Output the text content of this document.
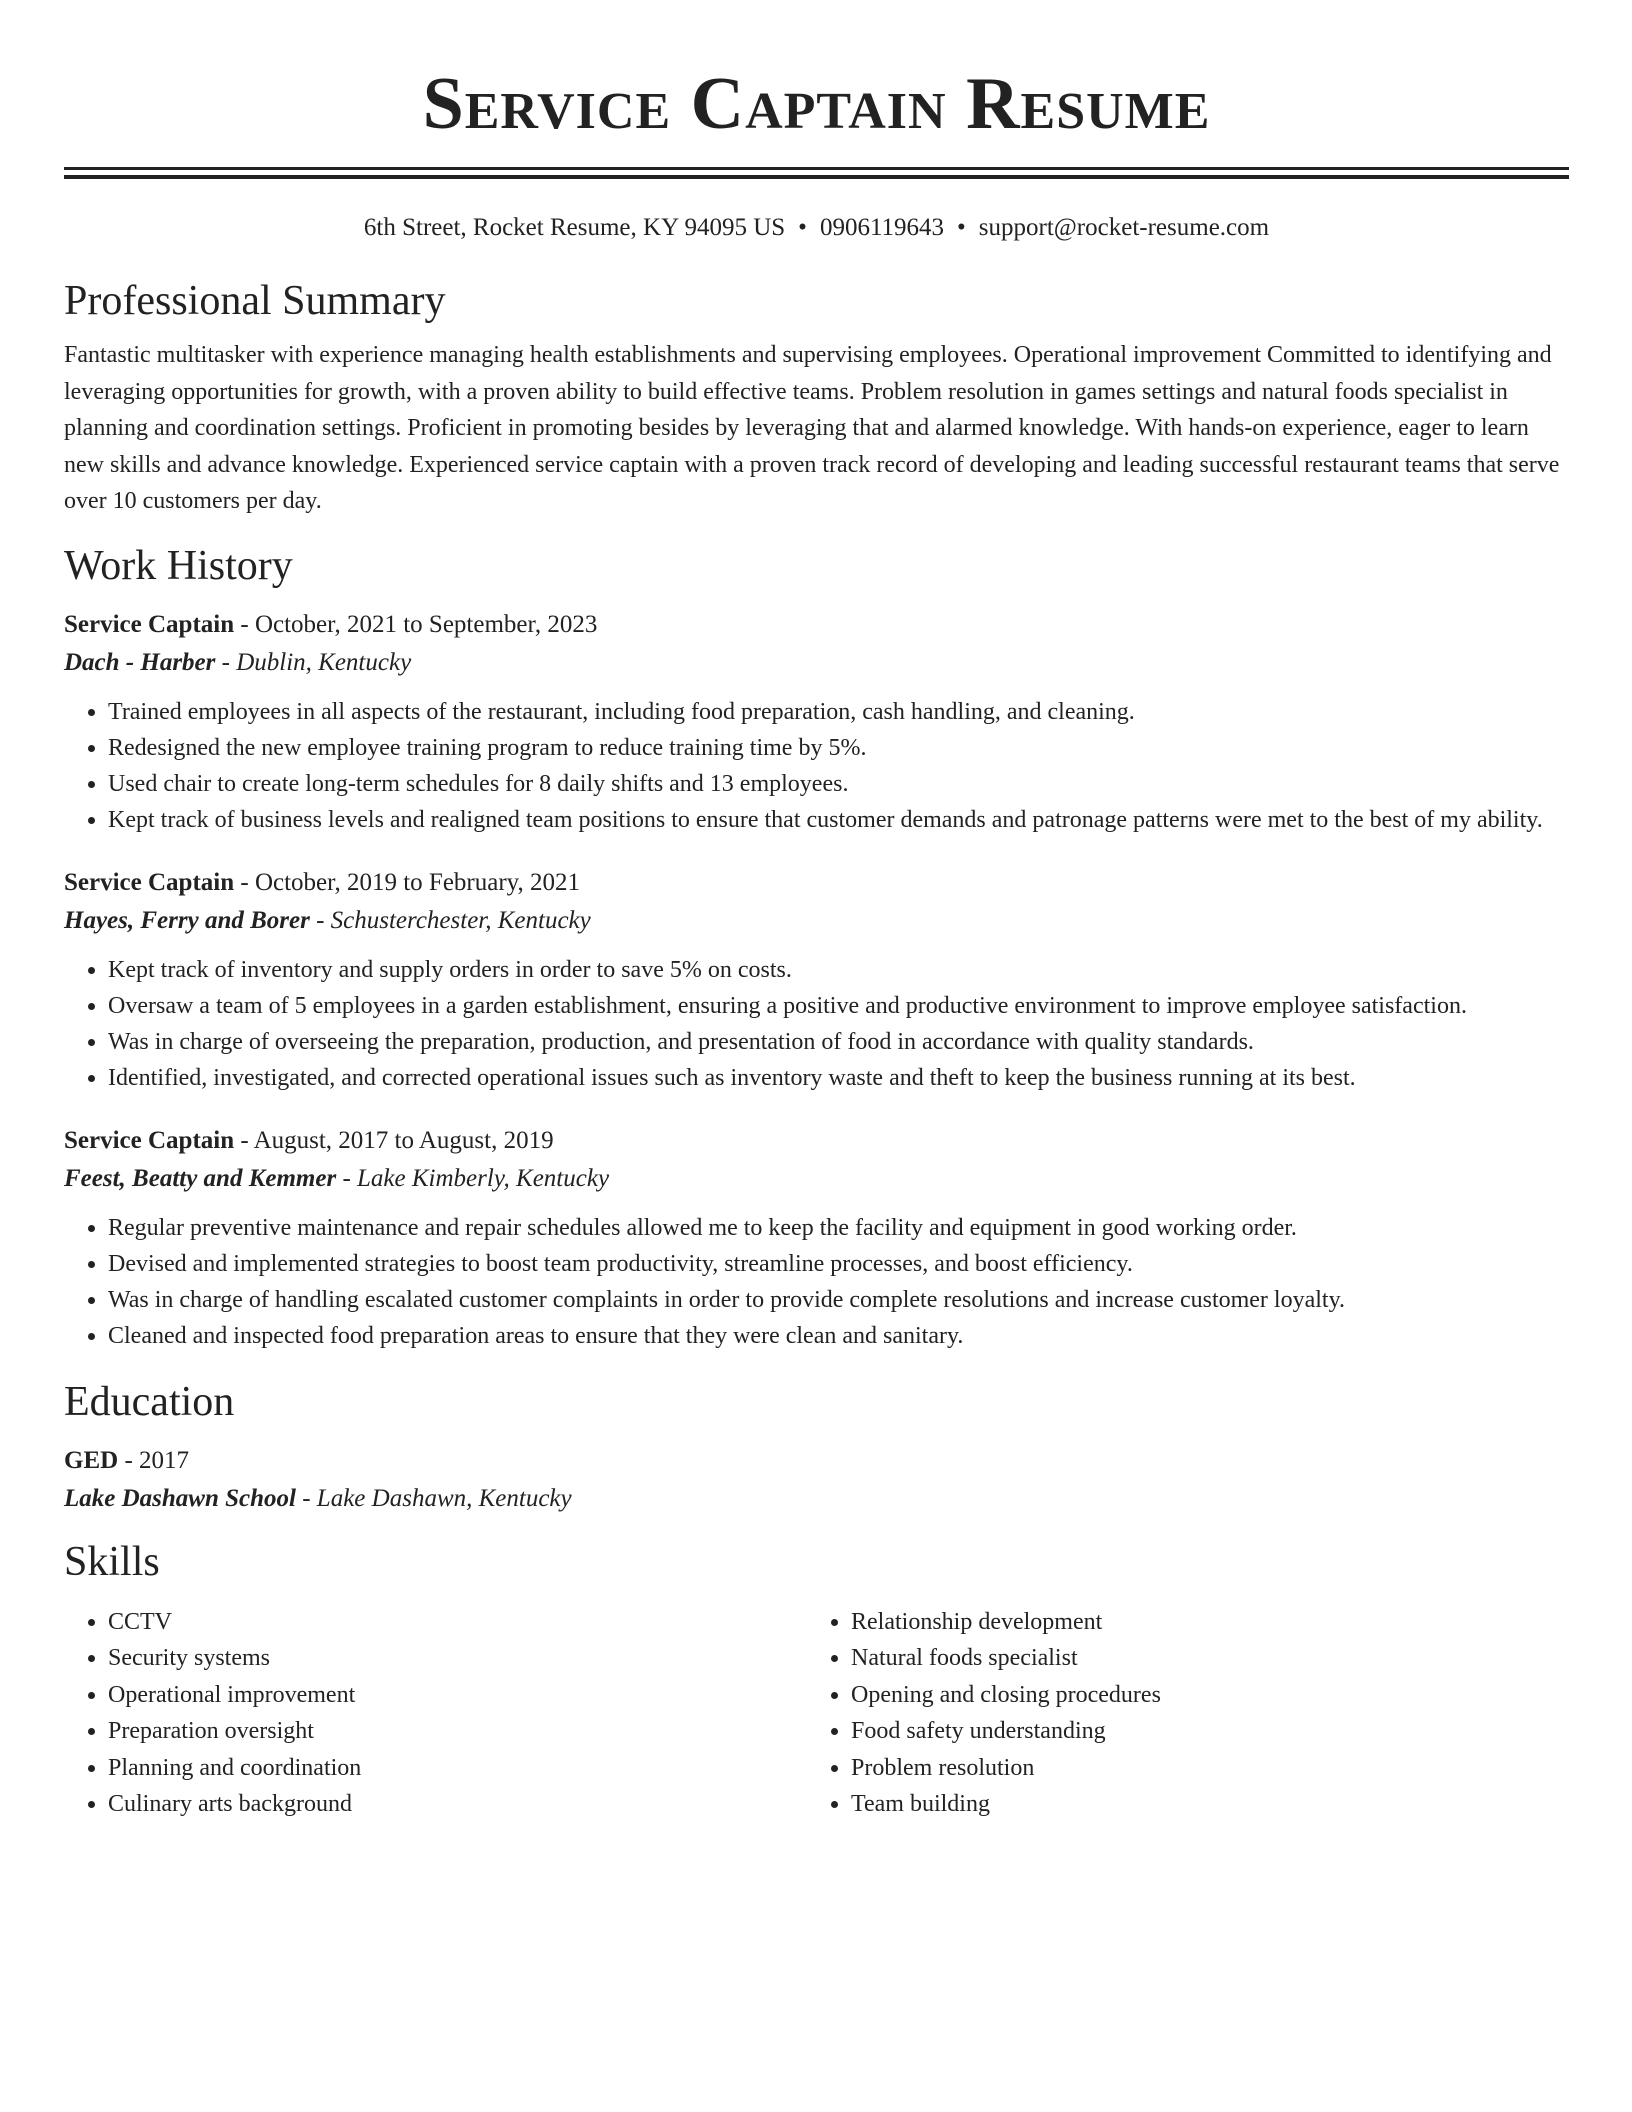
Service Captain Resume
6th Street, Rocket Resume, KY 94095 US • 0906119643 • support@rocket-resume.com
Professional Summary

Fantastic multitasker with experience managing health establishments and supervising employees. Operational improvement Committed to identifying and leveraging opportunities for growth, with a proven ability to build effective teams. Problem resolution in games settings and natural foods specialist in planning and coordination settings. Proficient in promoting besides by leveraging that and alarmed knowledge. With hands-on experience, eager to learn new skills and advance knowledge. Experienced service captain with a proven track record of developing and leading successful restaurant teams that serve over 10 customers per day.

Work History
Service Captain - October, 2021 to September, 2023
Dach - Harber - Dublin, Kentucky
• Trained employees in all aspects of the restaurant, including food preparation, cash handling, and cleaning.
• Redesigned the new employee training program to reduce training time by 5%.
• Used chair to create long-term schedules for 8 daily shifts and 13 employees.
• Kept track of business levels and realigned team positions to ensure that customer demands and patronage patterns were met to the best of my ability.
Service Captain - October, 2019 to February, 2021
Hayes, Ferry and Borer - Schusterchester, Kentucky
• Kept track of inventory and supply orders in order to save 5% on costs.
• Oversaw a team of 5 employees in a garden establishment, ensuring a positive and productive environment to improve employee satisfaction.
• Was in charge of overseeing the preparation, production, and presentation of food in accordance with quality standards.
• Identified, investigated, and corrected operational issues such as inventory waste and theft to keep the business running at its best.
Service Captain - August, 2017 to August, 2019
Feest, Beatty and Kemmer - Lake Kimberly, Kentucky
• Regular preventive maintenance and repair schedules allowed me to keep the facility and equipment in good working order.
• Devised and implemented strategies to boost team productivity, streamline processes, and boost efficiency.
• Was in charge of handling escalated customer complaints in order to provide complete resolutions and increase customer loyalty.
• Cleaned and inspected food preparation areas to ensure that they were clean and sanitary.
Education
GED - 2017
Lake Dashawn School - Lake Dashawn, Kentucky
Skills
• CCTV
• Security systems
• Operational improvement
• Preparation oversight
• Planning and coordination
• Culinary arts background
• Relationship development
• Natural foods specialist
• Opening and closing procedures
• Food safety understanding
• Problem resolution
• Team building
